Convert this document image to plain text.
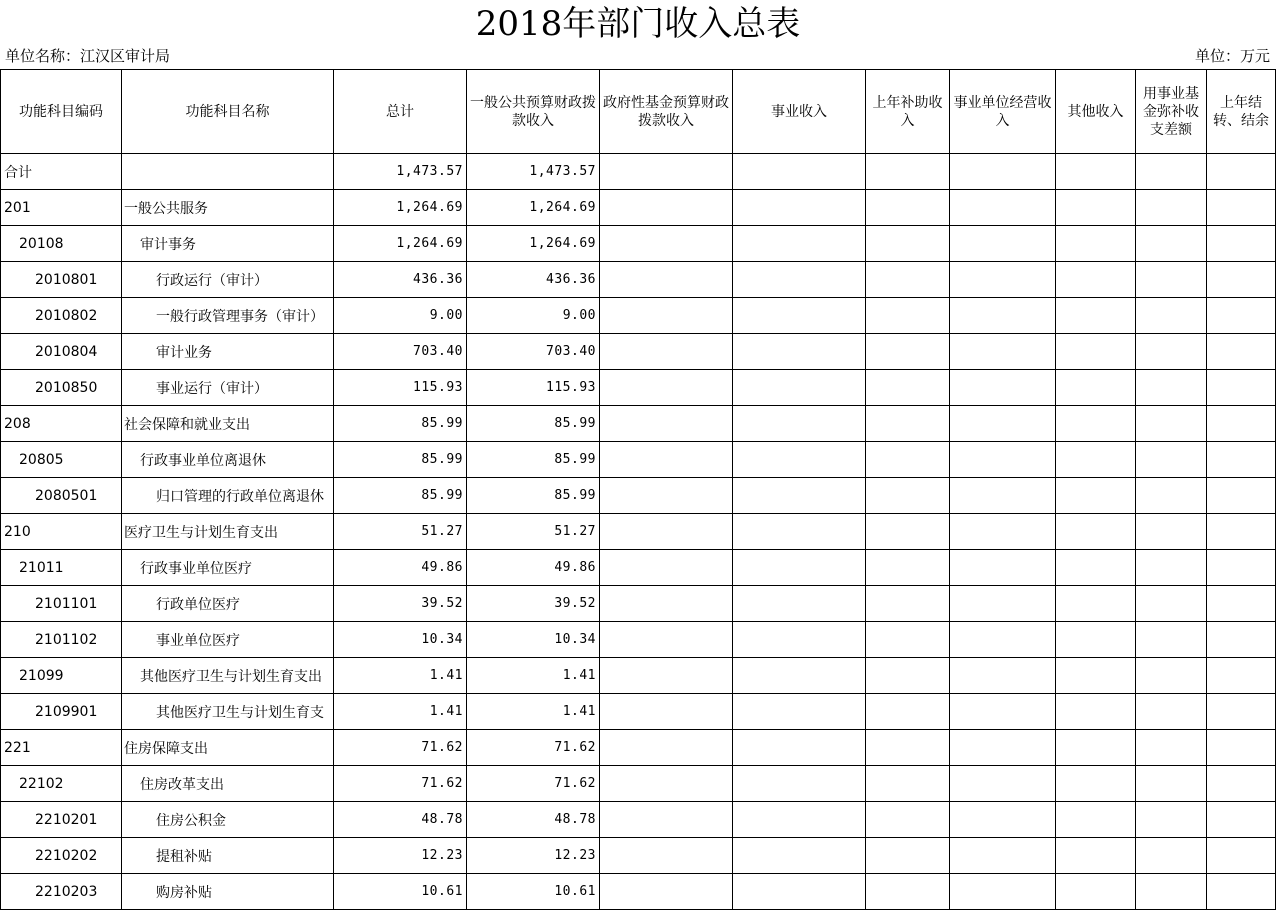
2018年部门收入总表
单位名称：江汉区审计局	单位：万元
功能科目编码	功能科目名称	总计	一般公共预算财政拨款收入	政府性基金预算财政拨款收入	事业收入	上年补助收入	事业单位经营收入	其他收入	用事业基金弥补收支差额	上年结转、结余
合计		1,473.57	1,473.57							
201	一般公共服务	1,264.69	1,264.69							
20108	审计事务	1,264.69	1,264.69							
2010801	行政运行（审计）	436.36	436.36							
2010802	一般行政管理事务（审计）	9.00	9.00							
2010804	审计业务	703.40	703.40							
2010850	事业运行（审计）	115.93	115.93							
208	社会保障和就业支出	85.99	85.99							
20805	行政事业单位离退休	85.99	85.99							
2080501	归口管理的行政单位离退休	85.99	85.99							
210	医疗卫生与计划生育支出	51.27	51.27							
21011	行政事业单位医疗	49.86	49.86							
2101101	行政单位医疗	39.52	39.52							
2101102	事业单位医疗	10.34	10.34							
21099	其他医疗卫生与计划生育支出	1.41	1.41							
2109901	其他医疗卫生与计划生育支	1.41	1.41							
221	住房保障支出	71.62	71.62							
22102	住房改革支出	71.62	71.62							
2210201	住房公积金	48.78	48.78							
2210202	提租补贴	12.23	12.23							
2210203	购房补贴	10.61	10.61							
